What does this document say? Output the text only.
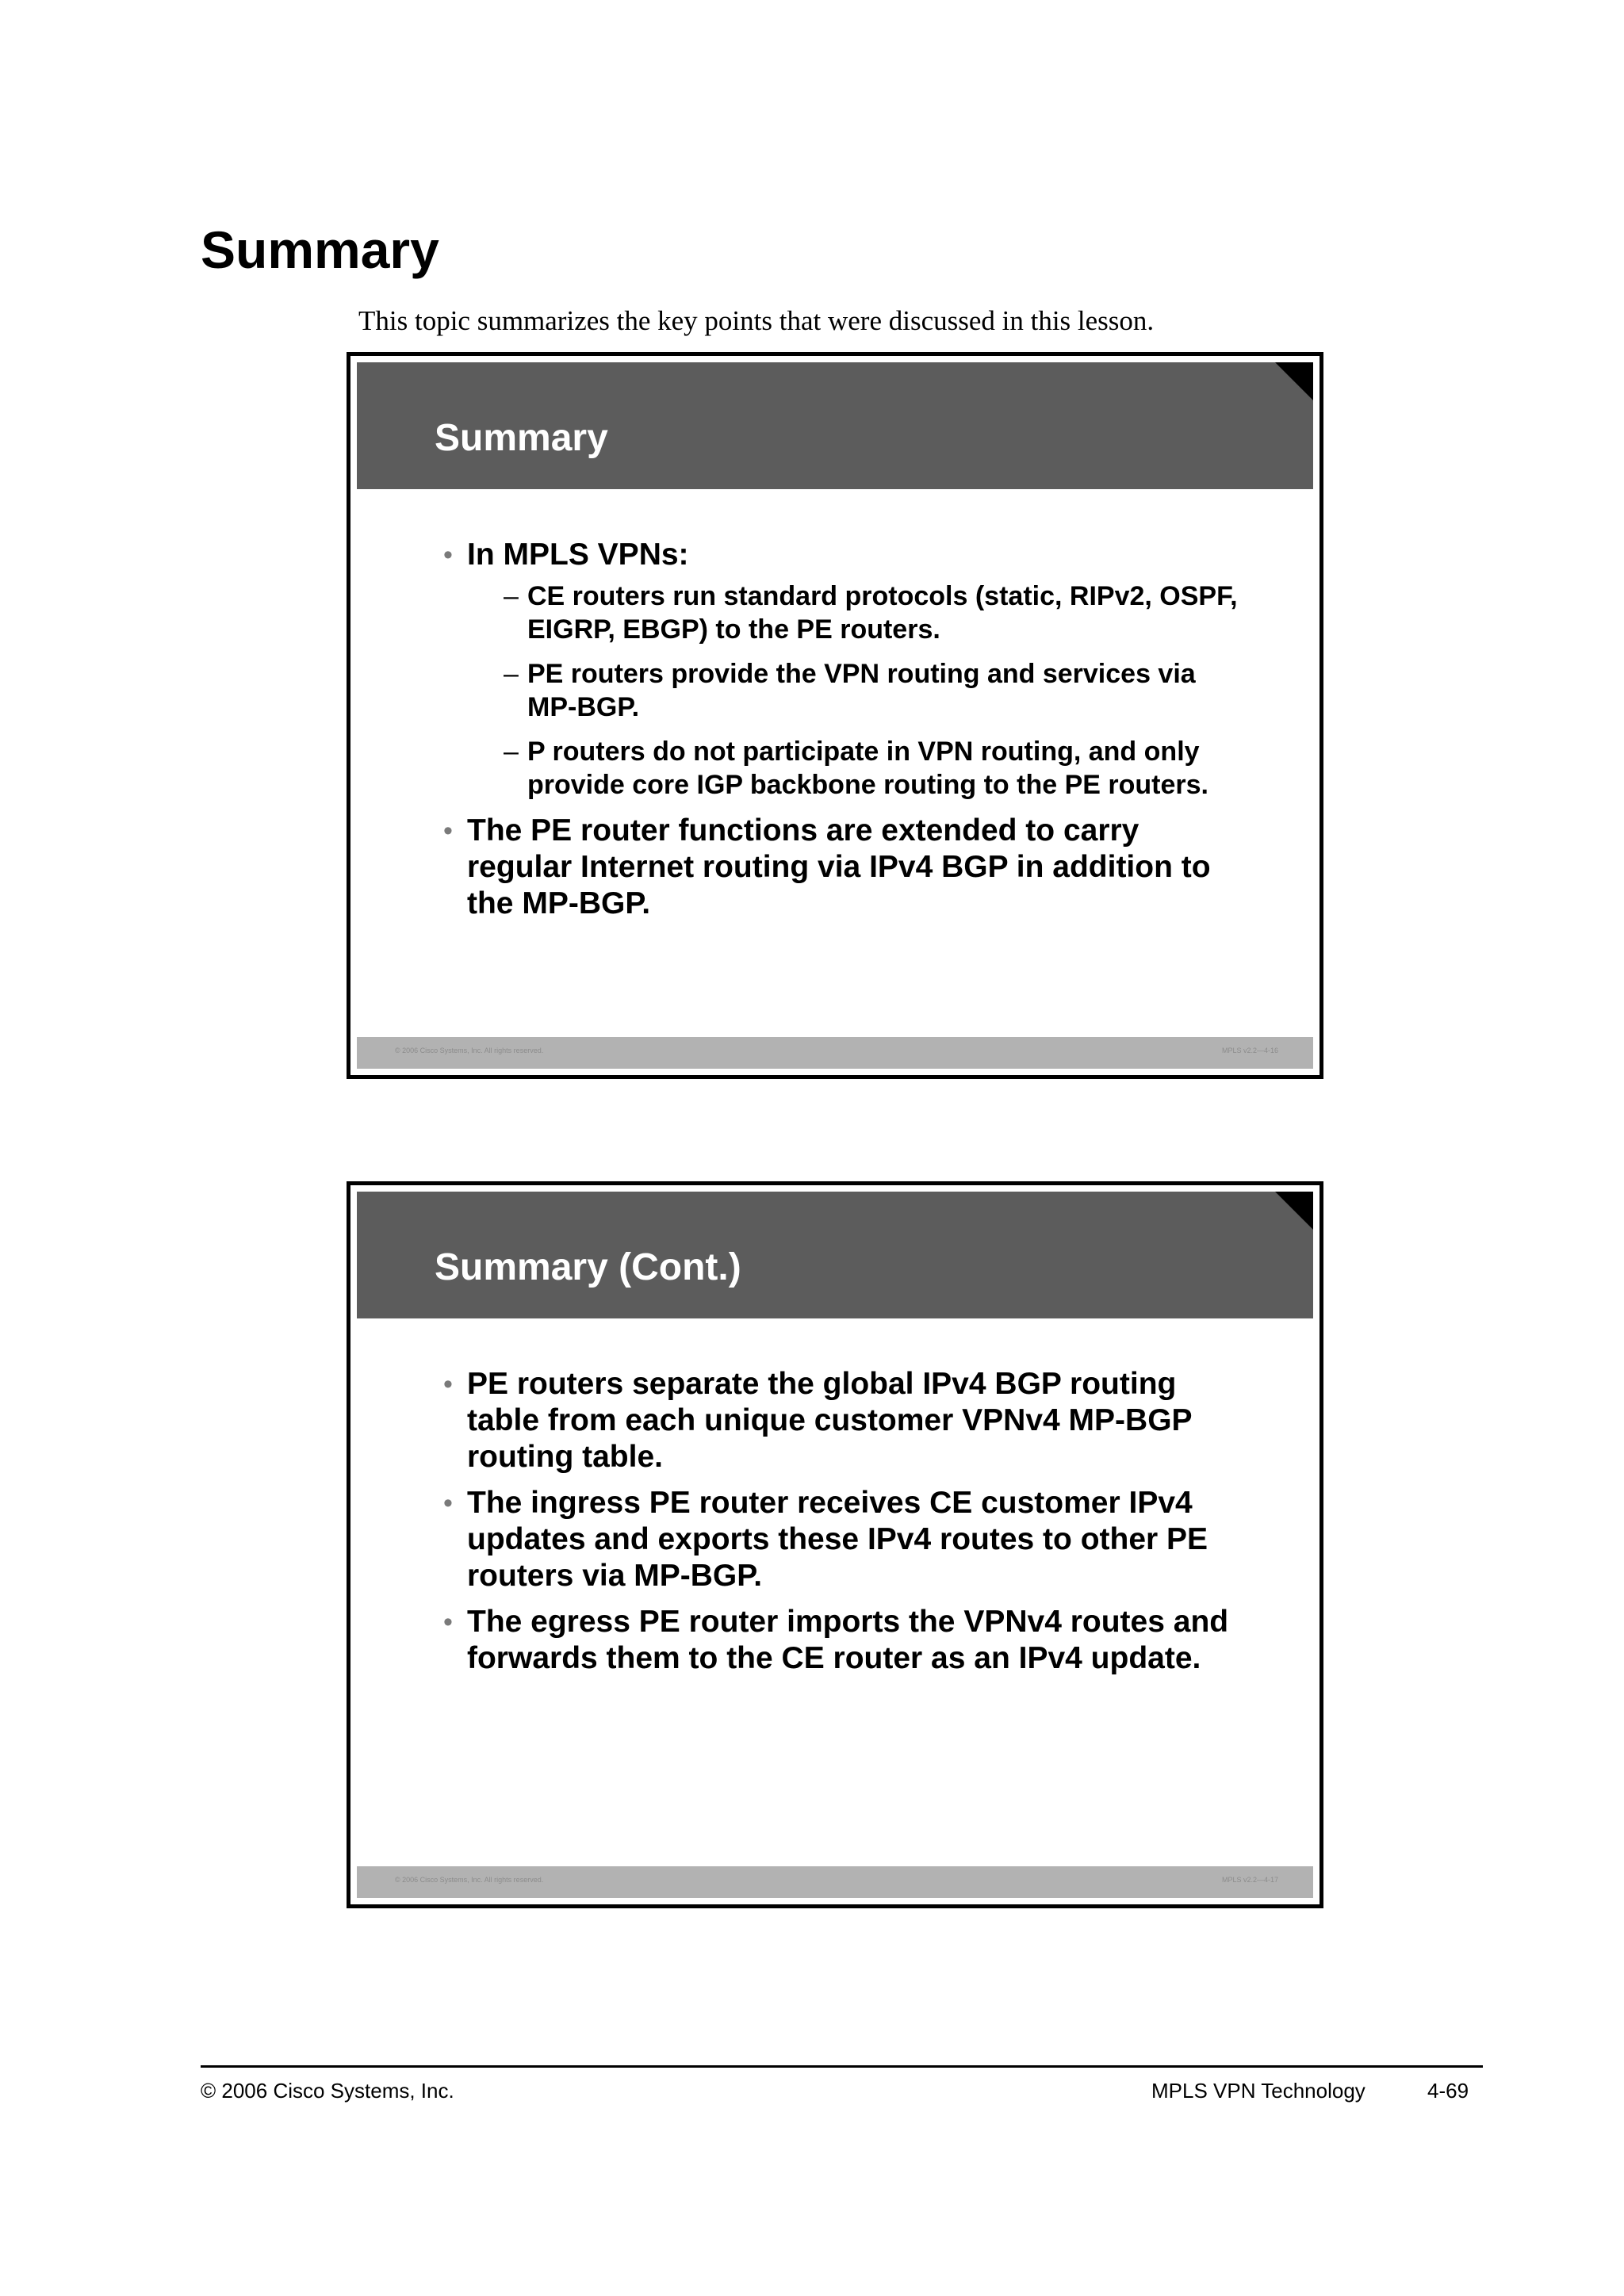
Summary
This topic summarizes the key points that were discussed in this lesson.
Summary
• In MPLS VPNs:
– CE routers run standard protocols (static, RIPv2, OSPF, EIGRP, EBGP) to the PE routers.
– PE routers provide the VPN routing and services via MP-BGP.
– P routers do not participate in VPN routing, and only provide core IGP backbone routing to the PE routers.
• The PE router functions are extended to carry regular Internet routing via IPv4 BGP in addition to the MP-BGP.
© 2006 Cisco Systems, Inc. All rights reserved.	MPLS v2.2—4-16
Summary (Cont.)
• PE routers separate the global IPv4 BGP routing table from each unique customer VPNv4 MP-BGP routing table.
• The ingress PE router receives CE customer IPv4 updates and exports these IPv4 routes to other PE routers via MP-BGP.
• The egress PE router imports the VPNv4 routes and forwards them to the CE router as an IPv4 update.
© 2006 Cisco Systems, Inc. All rights reserved.	MPLS v2.2—4-17
© 2006 Cisco Systems, Inc.	MPLS VPN Technology	4-69
